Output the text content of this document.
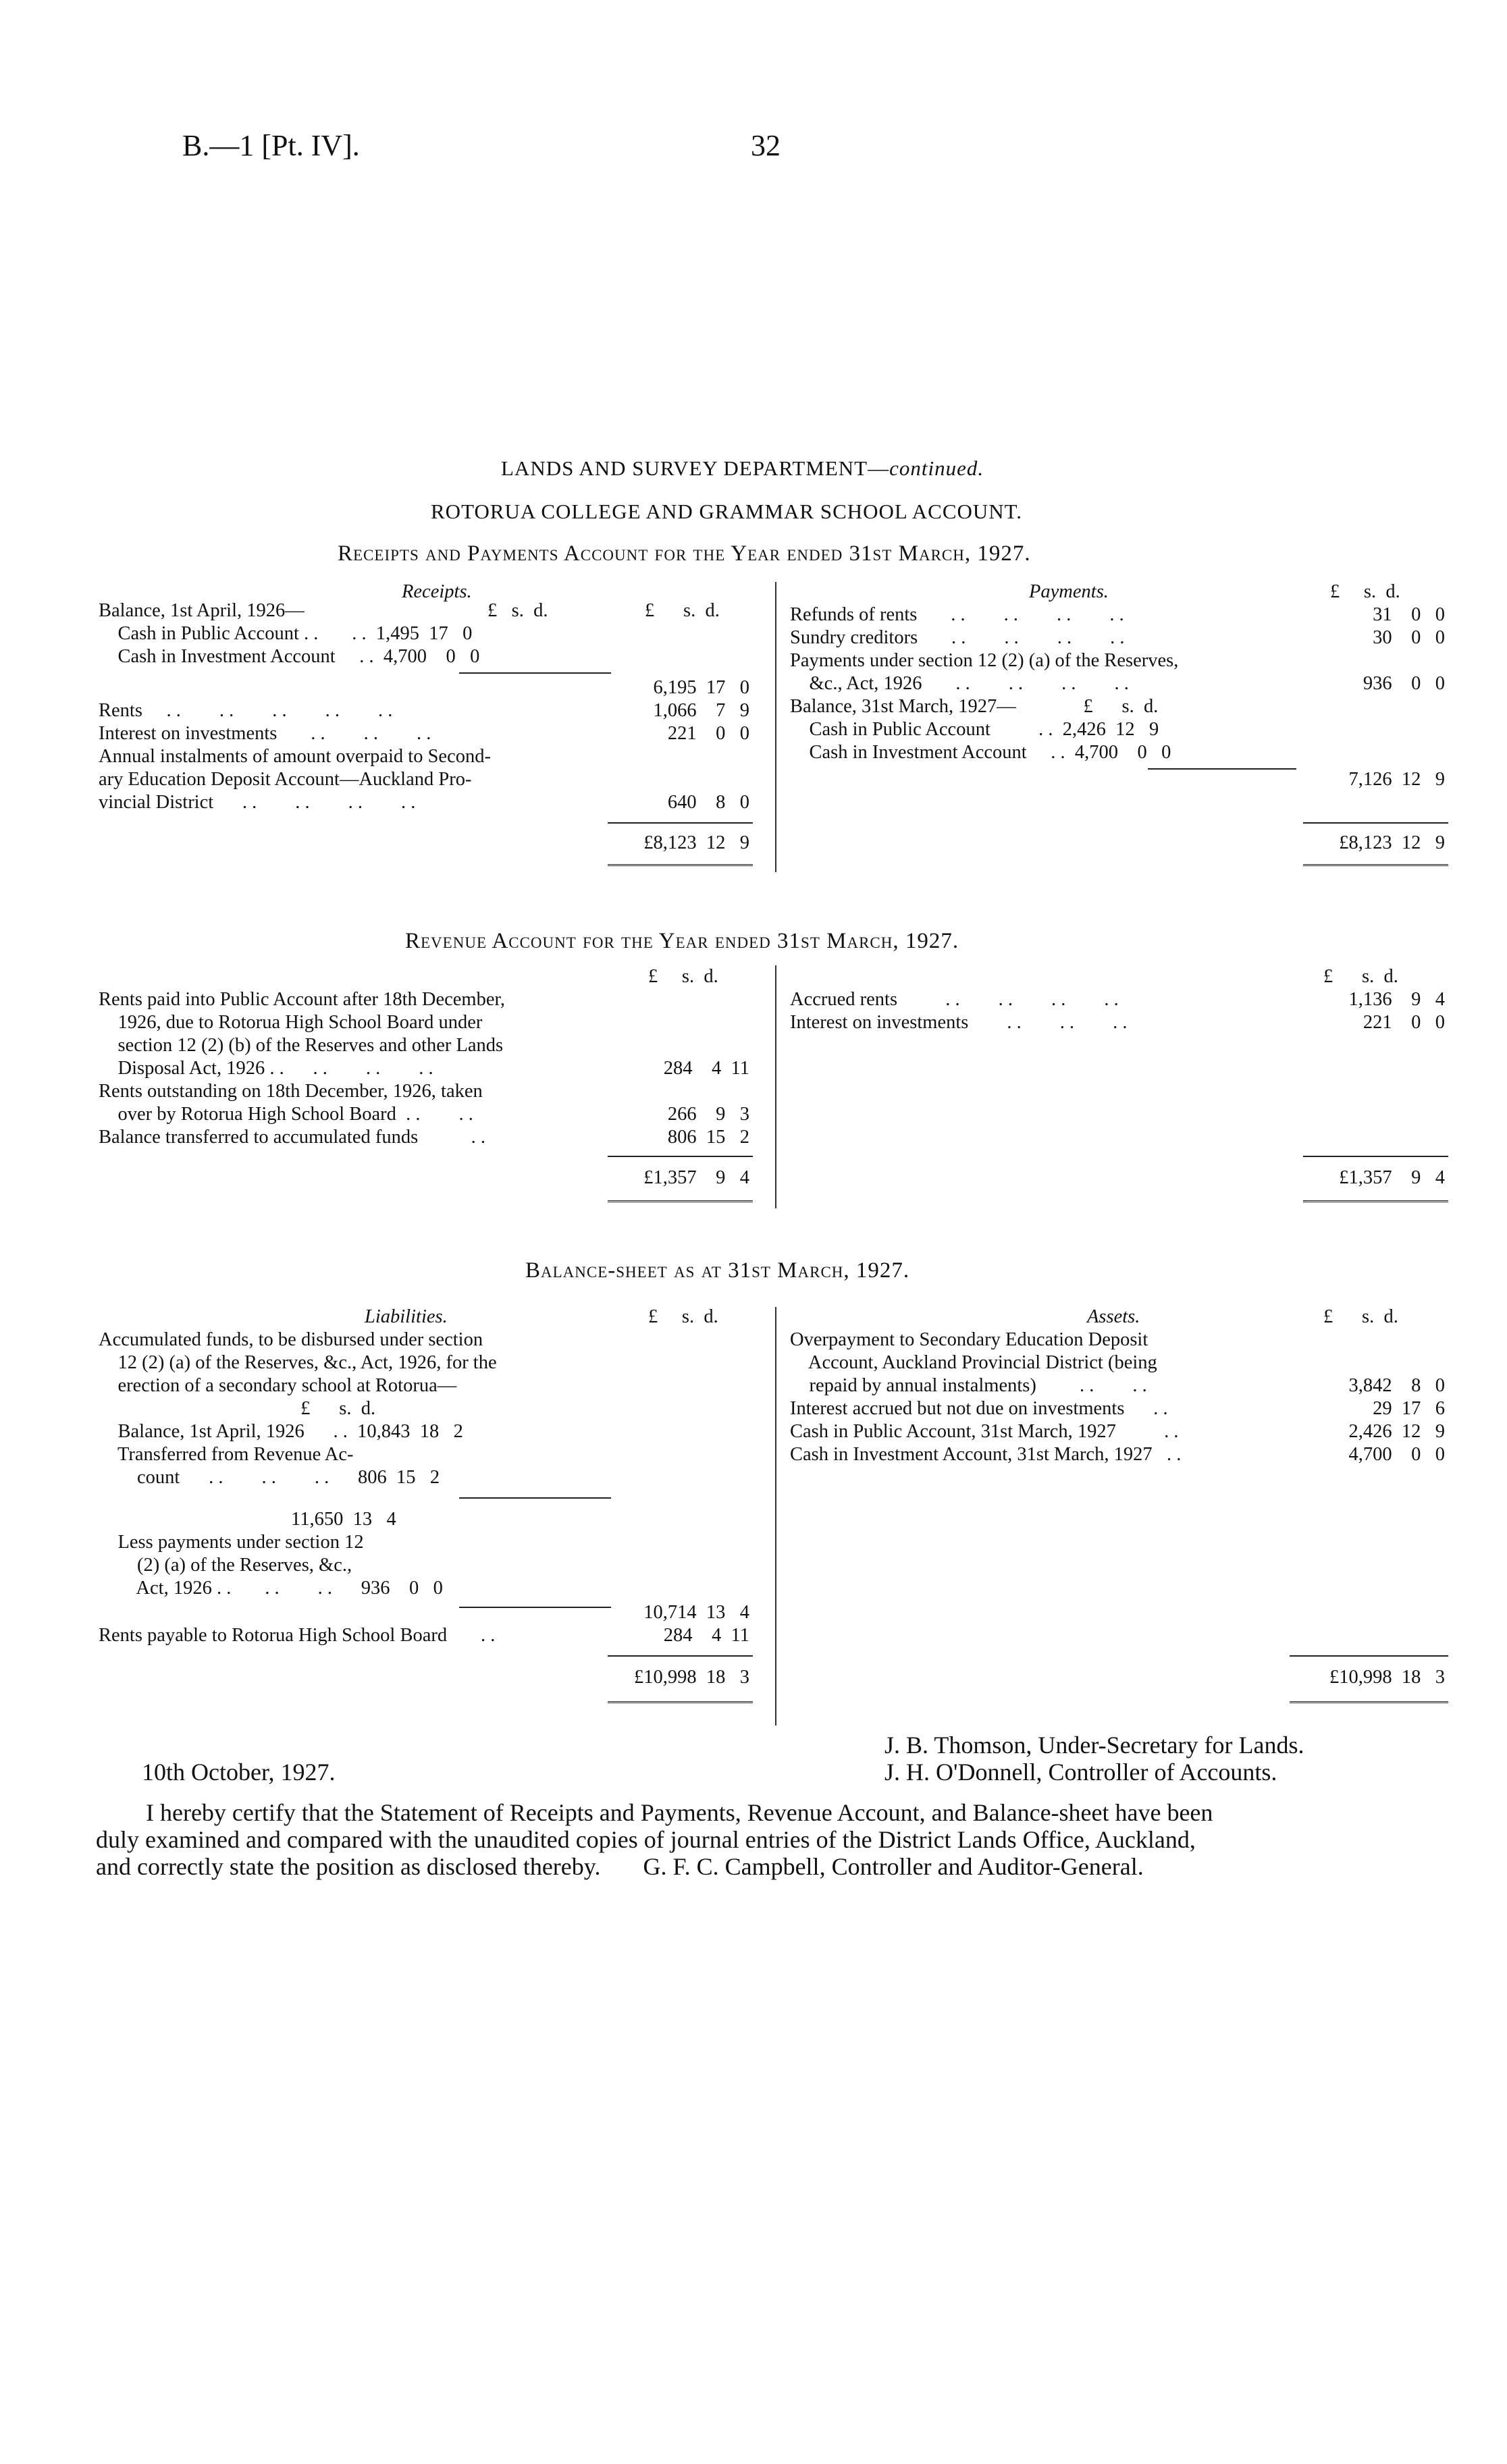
B.—1 [Pt. IV].	32
LANDS AND SURVEY DEPARTMENT—continued.
ROTORUA COLLEGE AND GRAMMAR SCHOOL ACCOUNT.
Receipts and Payments Account for the Year ended 31st March, 1927.
Receipts.
£   s.  d.	£      s.  d.
Balance, 1st April, 1926—
Cash in Public Account . .       . .  1,495  17   0
Cash in Investment Account     . .  4,700    0   0
6,195  17   0
Rents     . .        . .        . .        . .        . .	1,066    7   9
Interest on investments       . .        . .        . .	221    0   0
Annual instalments of amount overpaid to Second-
ary Education Deposit Account—Auckland Pro-
vincial District      . .        . .        . .        . .	640    8   0
£8,123  12   9
Payments.	£     s.  d.
Refunds of rents       . .        . .        . .        . .	31    0   0
Sundry creditors       . .        . .        . .        . .	30    0   0
Payments under section 12 (2) (a) of the Reserves,
&c., Act, 1926       . .        . .        . .        . .	936    0   0
Balance, 31st March, 1927—              £      s.  d.
Cash in Public Account          . .  2,426  12   9
Cash in Investment Account     . .  4,700    0   0
7,126  12   9
£8,123  12   9
Revenue Account for the Year ended 31st March, 1927.
£     s.  d.
Rents paid into Public Account after 18th December,
1926, due to Rotorua High School Board under
section 12 (2) (b) of the Reserves and other Lands
Disposal Act, 1926 . .      . .        . .        . .	284    4  11
Rents outstanding on 18th December, 1926, taken
over by Rotorua High School Board  . .        . .	266    9   3
Balance transferred to accumulated funds           . .	806  15   2
£1,357    9   4
£      s.  d.
Accrued rents          . .        . .        . .        . .	1,136    9   4
Interest on investments        . .        . .        . .	221    0   0
£1,357    9   4
Balance-sheet as at 31st March, 1927.
Liabilities.	£     s.  d.
Accumulated funds, to be disbursed under section
12 (2) (a) of the Reserves, &c., Act, 1926, for the
erection of a secondary school at Rotorua—
£      s.  d.
Balance, 1st April, 1926      . .  10,843  18   2
Transferred from Revenue Ac-
count      . .        . .        . .      806  15   2
11,650  13   4
Less payments under section 12
(2) (a) of the Reserves, &c.,
Act, 1926 . .       . .        . .      936    0   0
10,714  13   4
Rents payable to Rotorua High School Board       . .	284    4  11
£10,998  18   3
Assets.	£      s.  d.
Overpayment to Secondary Education Deposit
Account, Auckland Provincial District (being
repaid by annual instalments)         . .        . .	3,842    8   0
Interest accrued but not due on investments      . .	29  17   6
Cash in Public Account, 31st March, 1927          . .	2,426  12   9
Cash in Investment Account, 31st March, 1927   . .	4,700    0   0
£10,998  18   3
J. B. Thomson, Under-Secretary for Lands.
10th October, 1927.	J. H. O'Donnell, Controller of Accounts.
I hereby certify that the Statement of Receipts and Payments, Revenue Account, and Balance-sheet have been
duly examined and compared with the unaudited copies of journal entries of the District Lands Office, Auckland,
and correctly state the position as disclosed thereby.       G. F. C. Campbell, Controller and Auditor-General.
